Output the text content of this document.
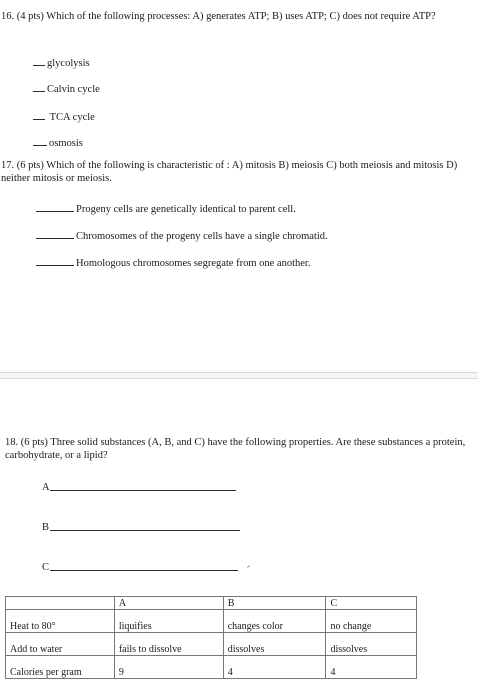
16. (4 pts) Which of the following processes: A) generates ATP; B) uses ATP; C) does not require ATP?
glycolysis
Calvin cycle
TCA cycle
osmosis
17. (6 pts) Which of the following is characteristic of : A) mitosis B) meiosis C) both meiosis and mitosis D) neither mitosis or meiosis.
Progeny cells are genetically identical to parent cell.
Chromosomes of the progeny cells have a single chromatid.
Homologous chromosomes segregate from one another.
18. (6 pts) Three solid substances (A, B, and C) have the following properties. Are these substances a protein, carbohydrate, or a lipid?
A
B
C
	A	B	C
Heat to 80°	liquifies	changes color	no change
Add to water	fails to dissolve	dissolves	dissolves
Calories per gram	9	4	4
